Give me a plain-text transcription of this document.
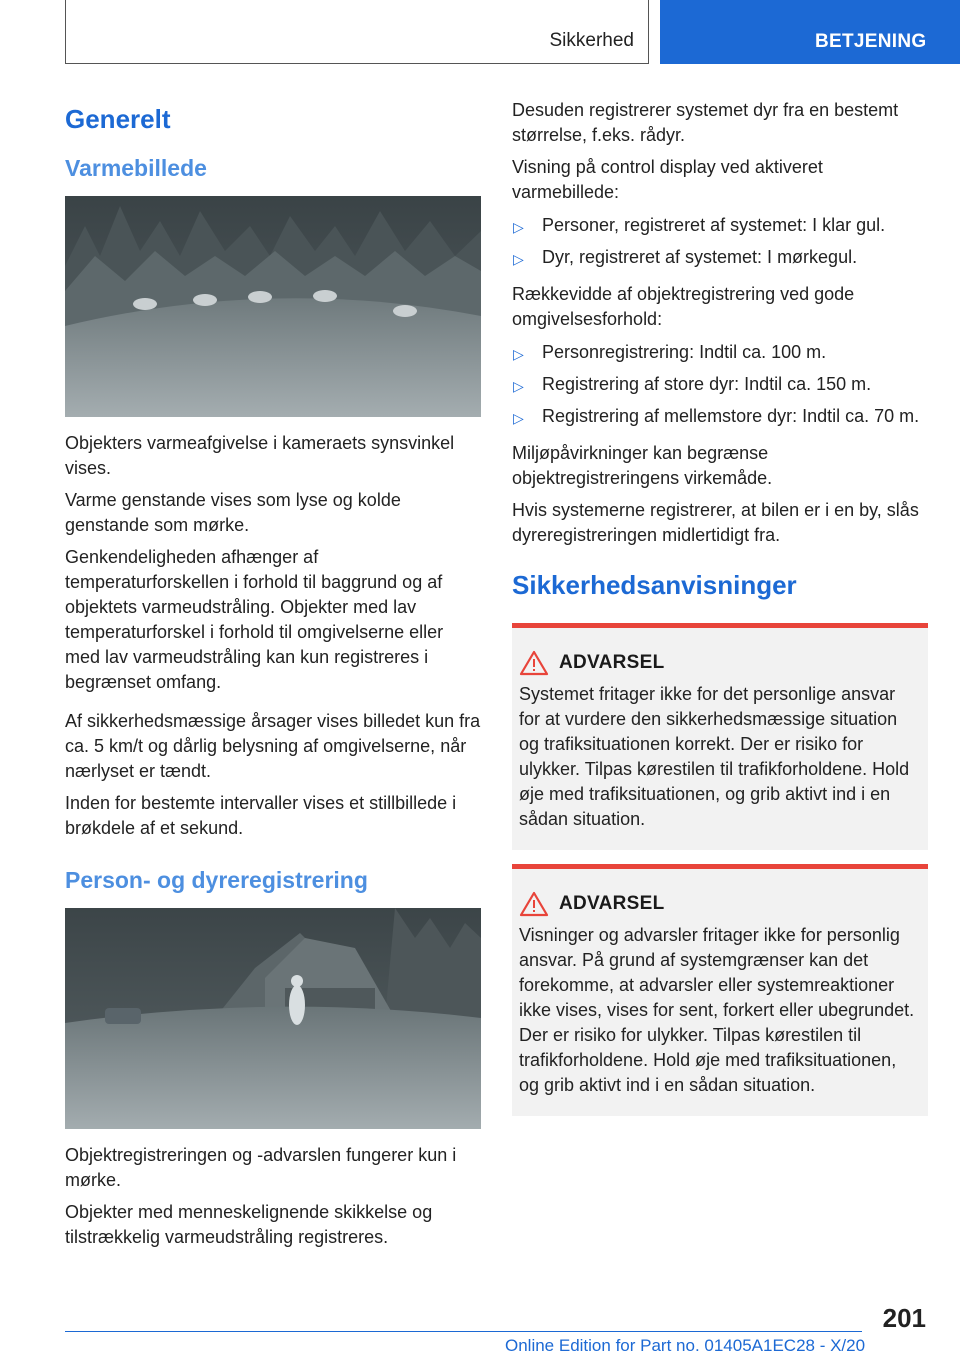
Sikkerhed	BETJENING
Generelt
Varmebillede

Objekters varmeafgivelse i kameraets synsvinkel vises.

Varme genstande vises som lyse og kolde genstande som mørke.

Genkendeligheden afhænger af temperaturforskellen i forhold til baggrund og af objektets varmeudstråling. Objekter med lav temperaturforskel i forhold til omgivelserne eller med lav varmeudstråling kan kun registreres i begrænset omfang.

Af sikkerhedsmæssige årsager vises billedet kun fra ca. 5 km/t og dårlig belysning af omgivelserne, når nærlyset er tændt.

Inden for bestemte intervaller vises et stillbillede i brøkdele af et sekund.

Person- og dyreregistrering

Objektregistreringen og -advarslen fungerer kun i mørke.

Objekter med menneskelignende skikkelse og tilstrækkelig varmeudstråling registreres.

Desuden registrerer systemet dyr fra en bestemt størrelse, f.eks. rådyr.

Visning på control display ved aktiveret varmebillede:

▷ Personer, registreret af systemet: I klar gul.
▷ Dyr, registreret af systemet: I mørkegul.

Rækkevidde af objektregistrering ved gode omgivelsesforhold:

▷ Personregistrering: Indtil ca. 100 m.
▷ Registrering af store dyr: Indtil ca. 150 m.
▷ Registrering af mellemstore dyr: Indtil ca. 70 m.

Miljøpåvirkninger kan begrænse objektregistreringens virkemåde.

Hvis systemerne registrerer, at bilen er i en by, slås dyreregistreringen midlertidigt fra.

Sikkerhedsanvisninger
ADVARSEL

Systemet fritager ikke for det personlige ansvar for at vurdere den sikkerhedsmæssige situation og trafiksituationen korrekt. Der er risiko for ulykker. Tilpas kørestilen til trafikforholdene. Hold øje med trafiksituationen, og grib aktivt ind i en sådan situation.

ADVARSEL

Visninger og advarsler fritager ikke for personlig ansvar. På grund af systemgrænser kan det forekomme, at advarsler eller systemreaktioner ikke vises, vises for sent, forkert eller ubegrundet. Der er risiko for ulykker. Tilpas kørestilen til trafikforholdene. Hold øje med trafiksituationen, og grib aktivt ind i en sådan situation.

201
Online Edition for Part no. 01405A1EC28 - X/20
